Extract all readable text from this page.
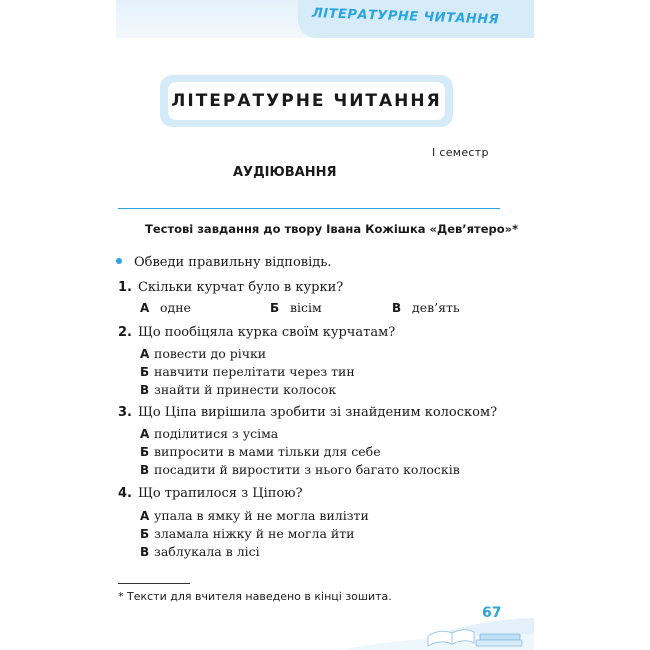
ЛІТЕРАТУРНЕ ЧИТАННЯ
ЛІТЕРАТУРНЕ ЧИТАННЯ
І семестр
АУДІЮВАННЯ
Тестові завдання до твору Івана Кожішка «Дев’ятеро»*
Обведи правильну відповідь.
1. Скільки курчат було в курки?
А одне	Б вісім	В дев’ять
2. Що пообіцяла курка своїм курчатам?
А повести до річки
Б навчити перелітати через тин
В знайти й принести колосок
3. Що Ціпа вирішила зробити зі знайденим колоском?
А поділитися з усіма
Б випросити в мами тільки для себе
В посадити й виростити з нього багато колосків
4. Що трапилося з Ціпою?
А упала в ямку й не могла вилізти
Б зламала ніжку й не могла йти
В заблукала в лісі
* Тексти для вчителя наведено в кінці зошита.
67
